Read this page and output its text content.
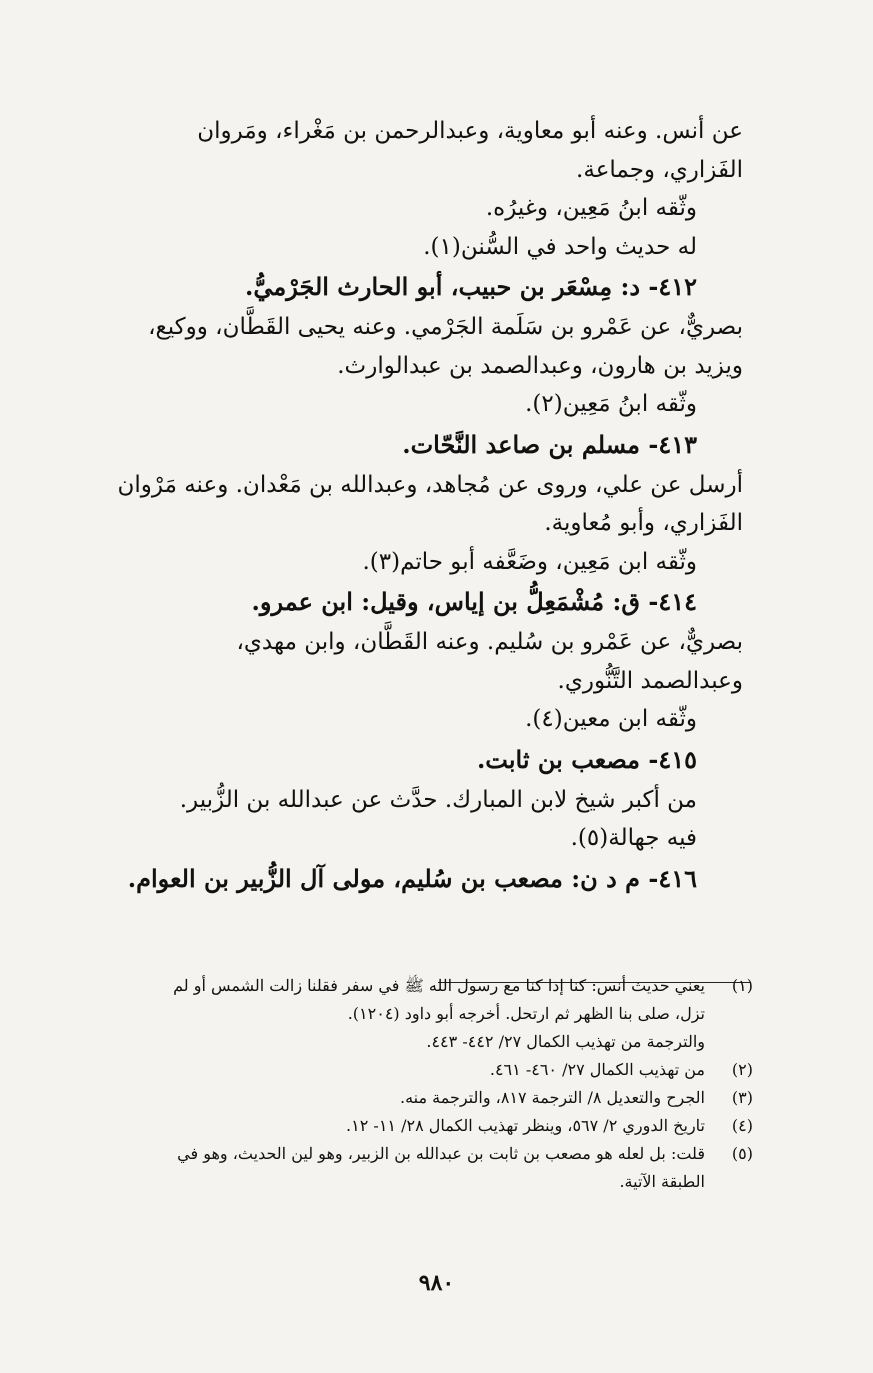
عن أنس. وعنه أبو معاوية، وعبدالرحمن بن مَغْراء، ومَروان
الفَزاري، وجماعة.
وثّقه ابنُ مَعِين، وغيرُه.
له حديث واحد في السُّنن(١).
٤١٢- د: مِسْعَر بن حبيب، أبو الحارث الجَرْميُّ.
بصريٌّ، عن عَمْرو بن سَلَمة الجَرْمي. وعنه يحيى القَطَّان، ووكيع،
ويزيد بن هارون، وعبدالصمد بن عبدالوارث.
وثّقه ابنُ مَعِين(٢).
٤١٣- مسلم بن صاعد النَّحّات.
أرسل عن علي، وروى عن مُجاهد، وعبدالله بن مَعْدان. وعنه مَرْوان
الفَزاري، وأبو مُعاوية.
وثّقه ابن مَعِين، وضَعَّفه أبو حاتم(٣).
٤١٤- ق: مُشْمَعِلُّ بن إياس، وقيل: ابن عمرو.
بصريٌّ، عن عَمْرو بن سُليم. وعنه القَطَّان، وابن مهدي،
وعبدالصمد التَّنُّوري.
وثّقه ابن معين(٤).
٤١٥- مصعب بن ثابت.
من أكبر شيخ لابن المبارك. حدَّث عن عبدالله بن الزُّبير.
فيه جهالة(٥).
٤١٦- م د ن: مصعب بن سُليم، مولى آل الزُّبير بن العوام.
(١)
يعني حديث أنس: كنا إذا كنا مع رسول الله ﷺ في سفر فقلنا زالت الشمس أو لم
تزل، صلى بنا الظهر ثم ارتحل. أخرجه أبو داود (١٢٠٤).
والترجمة من تهذيب الكمال ٢٧/ ٤٤٢- ٤٤٣.
(٢)
من تهذيب الكمال ٢٧/ ٤٦٠- ٤٦١.
(٣)
الجرح والتعديل ٨/ الترجمة ٨١٧، والترجمة منه.
(٤)
تاريخ الدوري ٢/ ٥٦٧، وينظر تهذيب الكمال ٢٨/ ١١- ١٢.
(٥)
قلت: بل لعله هو مصعب بن ثابت بن عبدالله بن الزبير، وهو لين الحديث، وهو في
الطبقة الآتية.
٩٨٠
